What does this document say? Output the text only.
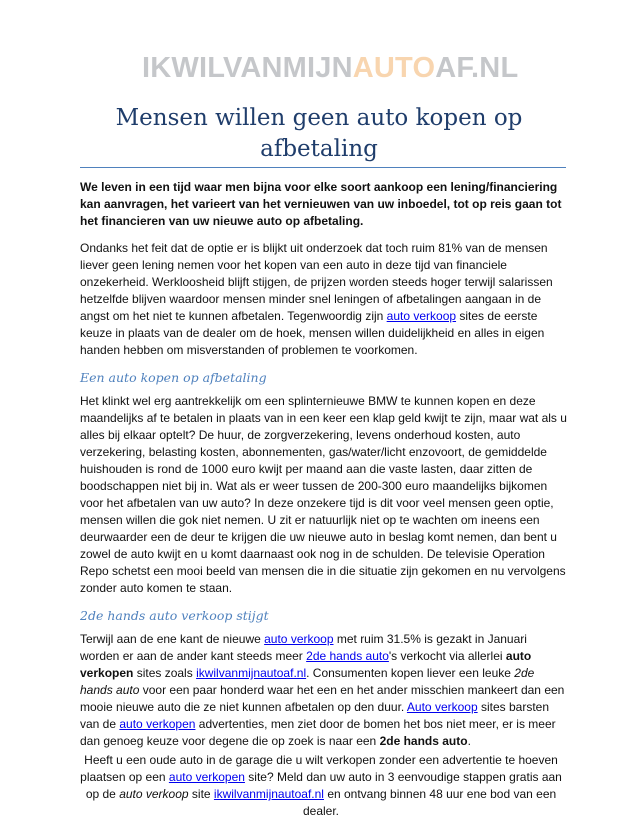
IKWILVANMIJNAUTOAF.NL
Mensen willen geen auto kopen op afbetaling

We leven in een tijd waar men bijna voor elke soort aankoop een lening/financiering kan aanvragen, het varieert van het vernieuwen van uw inboedel, tot op reis gaan tot het financieren van uw nieuwe auto op afbetaling.

Ondanks het feit dat de optie er is blijkt uit onderzoek dat toch ruim 81% van de mensen liever geen lening nemen voor het kopen van een auto in deze tijd van financiele onzekerheid. Werkloosheid blijft stijgen, de prijzen worden steeds hoger terwijl salarissen hetzelfde blijven waardoor mensen minder snel leningen of afbetalingen aangaan in de angst om het niet te kunnen afbetalen. Tegenwoordig zijn auto verkoop sites de eerste keuze in plaats van de dealer om de hoek, mensen willen duidelijkheid en alles in eigen handen hebben om misverstanden of problemen te voorkomen.

Een auto kopen op afbetaling

Het klinkt wel erg aantrekkelijk om een splinternieuwe BMW te kunnen kopen en deze maandelijks af te betalen in plaats van in een keer een klap geld kwijt te zijn, maar wat als u alles bij elkaar optelt? De huur, de zorgverzekering, levens onderhoud kosten, auto verzekering, belasting kosten, abonnementen, gas/water/licht enzovoort, de gemiddelde huishouden is rond de 1000 euro kwijt per maand aan die vaste lasten, daar zitten de boodschappen niet bij in. Wat als er weer tussen de 200-300 euro maandelijks bijkomen voor het afbetalen van uw auto? In deze onzekere tijd is dit voor veel mensen geen optie, mensen willen die gok niet nemen. U zit er natuurlijk niet op te wachten om ineens een deurwaarder een de deur te krijgen die uw nieuwe auto in beslag komt nemen, dan bent u zowel de auto kwijt en u komt daarnaast ook nog in de schulden. De televisie Operation Repo schetst een mooi beeld van mensen die in die situatie zijn gekomen en nu vervolgens zonder auto komen te staan.

2de hands auto verkoop stijgt

Terwijl aan de ene kant de nieuwe auto verkoop met ruim 31.5% is gezakt in Januari worden er aan de ander kant steeds meer 2de hands auto's verkocht via allerlei auto verkopen sites zoals ikwilvanmijnautoaf.nl. Consumenten kopen liever een leuke 2de hands auto voor een paar honderd waar het een en het ander misschien mankeert dan een mooie nieuwe auto die ze niet kunnen afbetalen op den duur. Auto verkoop sites barsten van de auto verkopen advertenties, men ziet door de bomen het bos niet meer, er is meer dan genoeg keuze voor degene die op zoek is naar een 2de hands auto.

Heeft u een oude auto in de garage die u wilt verkopen zonder een advertentie te hoeven plaatsen op een auto verkopen site? Meld dan uw auto in 3 eenvoudige stappen gratis aan op de auto verkoop site ikwilvanmijnautoaf.nl en ontvang binnen 48 uur ene bod van een dealer.
